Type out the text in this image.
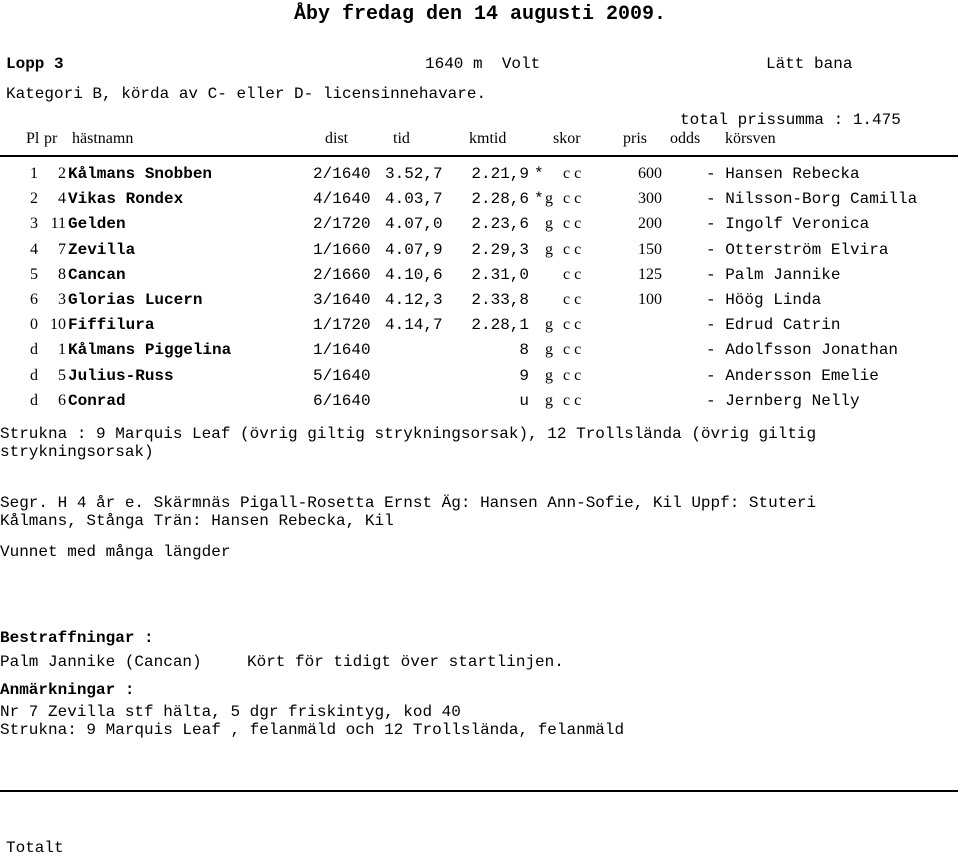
Åby fredag den 14 augusti 2009.
Lopp 3	1640 m  Volt	Lätt bana
Kategori B, körda av C- eller D- licensinnehavare.
total prissumma : 1.475
Pl pr hästnamn	dist	tid	kmtid	skor	pris odds körsven
1 2 Kålmans Snobben	2/1640 3.52,7 2.21,9 * c c	600	- Hansen Rebecka
2 4 Vikas Rondex	4/1640 4.03,7 2.28,6 * g c c	300	- Nilsson-Borg Camilla
3 11 Gelden	2/1720 4.07,0 2.23,6 g c c	200	- Ingolf Veronica
4 7 Zevilla	1/1660 4.07,9 2.29,3 g c c	150	- Otterström Elvira
5 8 Cancan	2/1660 4.10,6 2.31,0 c c	125	- Palm Jannike
6 3 Glorias Lucern	3/1640 4.12,3 2.33,8 c c	100	- Höög Linda
0 10 Fiffilura	1/1720 4.14,7 2.28,1 g c c	- Edrud Catrin
d 1 Kålmans Piggelina	1/1640	8 g c c	- Adolfsson Jonathan
d 5 Julius-Russ	5/1640	9 g c c	- Andersson Emelie
d 6 Conrad	6/1640	u g c c	- Jernberg Nelly
Strukna : 9 Marquis Leaf (övrig giltig strykningsorsak), 12 Trollslända (övrig giltig
strykningsorsak)
Segr. H 4 år e. Skärmnäs Pigall-Rosetta Ernst Äg: Hansen Ann-Sofie, Kil Uppf: Stuteri
Kålmans, Stånga Trän: Hansen Rebecka, Kil
Vunnet med många längder
Bestraffningar :
Palm Jannike (Cancan)	Kört för tidigt över startlinjen.
Anmärkningar :
Nr 7 Zevilla stf hälta, 5 dgr friskintyg, kod 40
Strukna: 9 Marquis Leaf , felanmäld och 12 Trollslända, felanmäld
Totalt
